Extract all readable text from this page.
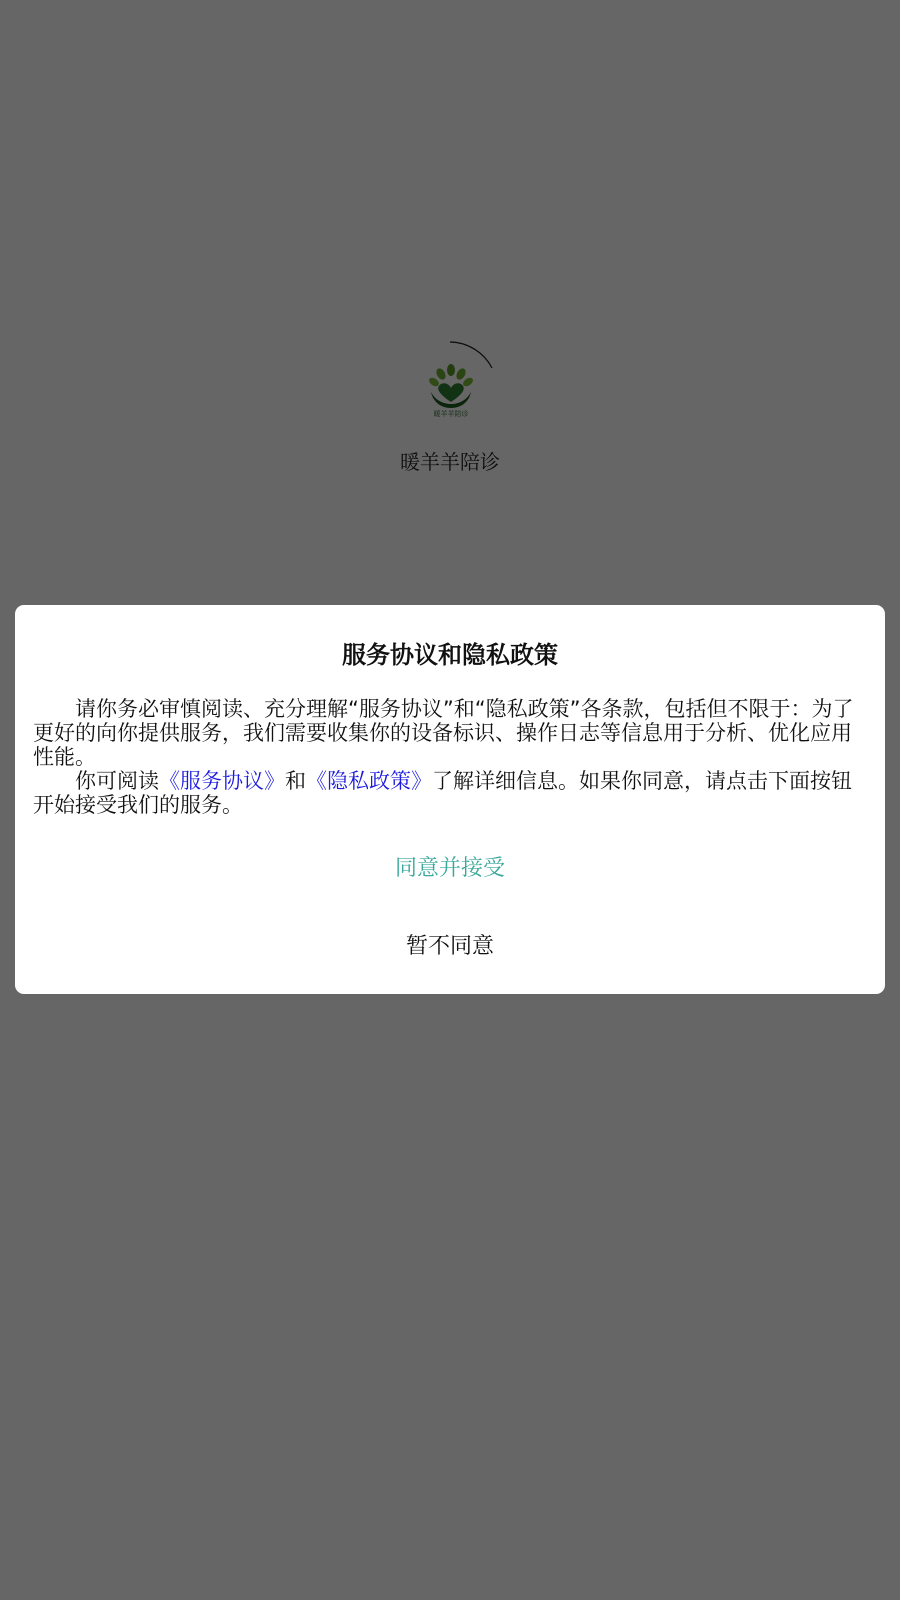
服务协议和隐私政策

请你务必审慎阅读、充分理解“服务协议”和“隐私政策”各条款，包括但不限于：为了更好的向你提供服务，我们需要收集你的设备标识、操作日志等信息用于分析、优化应用性能。

你可阅读《服务协议》和《隐私政策》了解详细信息。如果你同意，请点击下面按钮开始接受我们的服务。

同意并接受
暂不同意
